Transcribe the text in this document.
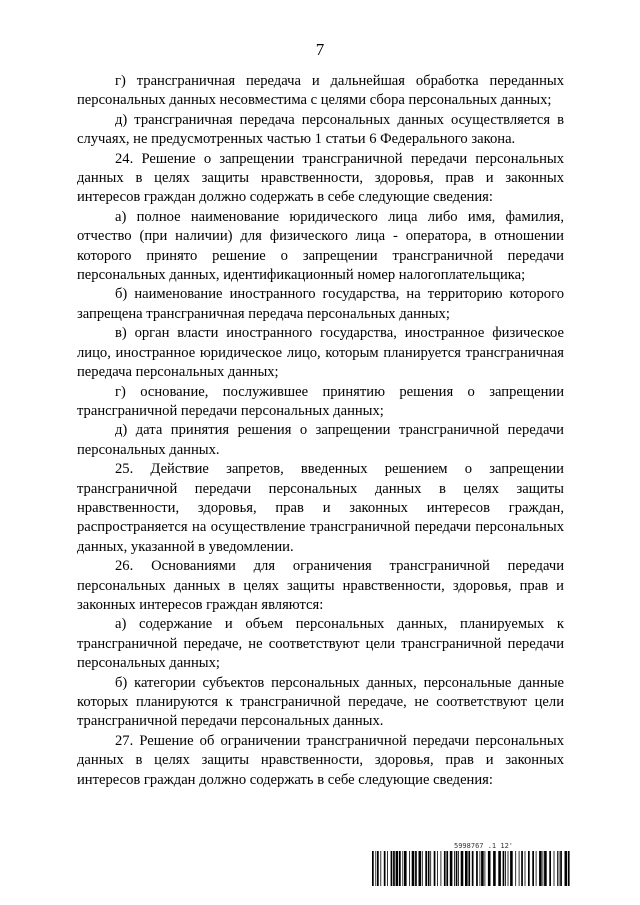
7

г) трансграничная передача и дальнейшая обработка переданных персональных данных несовместима с целями сбора персональных данных;

д) трансграничная передача персональных данных осуществляется в случаях, не предусмотренных частью 1 статьи 6 Федерального закона.

24. Решение о запрещении трансграничной передачи персональных данных в целях защиты нравственности, здоровья, прав и законных интересов граждан должно содержать в себе следующие сведения:

а) полное наименование юридического лица либо имя, фамилия, отчество (при наличии) для физического лица - оператора, в отношении которого принято решение о запрещении трансграничной передачи персональных данных, идентификационный номер налогоплательщика;

б) наименование иностранного государства, на территорию которого запрещена трансграничная передача персональных данных;

в) орган власти иностранного государства, иностранное физическое лицо, иностранное юридическое лицо, которым планируется трансграничная передача персональных данных;

г) основание, послужившее принятию решения о запрещении трансграничной передачи персональных данных;

д) дата принятия решения о запрещении трансграничной передачи персональных данных.

25. Действие запретов, введенных решением о запрещении трансграничной передачи персональных данных в целях защиты нравственности, здоровья, прав и законных интересов граждан, распространяется на осуществление трансграничной передачи персональных данных, указанной в уведомлении.

26. Основаниями для ограничения трансграничной передачи персональных данных в целях защиты нравственности, здоровья, прав и законных интересов граждан являются:

а) содержание и объем персональных данных, планируемых к трансграничной передаче, не соответствуют цели трансграничной передачи персональных данных;

б) категории субъектов персональных данных, персональные данные которых планируются к трансграничной передаче, не соответствуют цели трансграничной передачи персональных данных.

27. Решение об ограничении трансграничной передачи персональных данных в целях защиты нравственности, здоровья, прав и законных интересов граждан должно содержать в себе следующие сведения:

5998767 .1 12'
